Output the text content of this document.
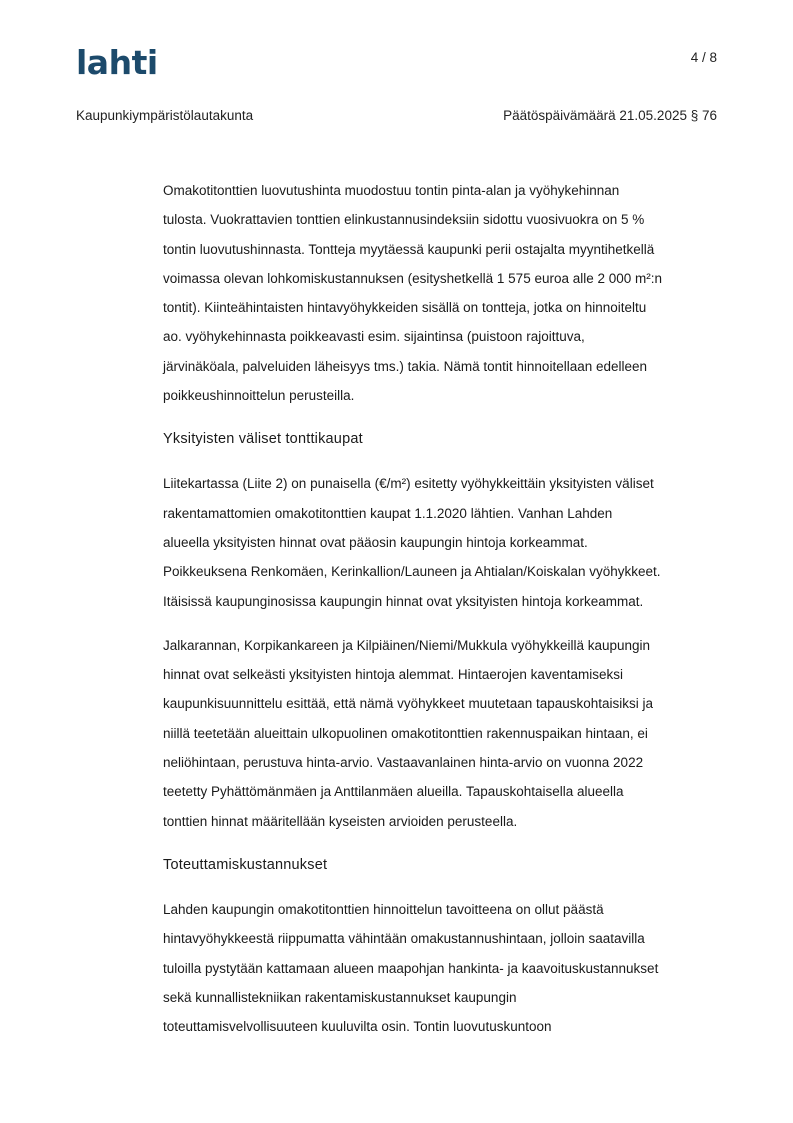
lahti	4 / 8
Kaupunkiympäristölautakunta	Päätöspäivämäärä 21.05.2025 § 76
Omakotitonttien luovutushinta muodostuu tontin pinta-alan ja vyöhykehinnan
tulosta. Vuokrattavien tonttien elinkustannusindeksiin sidottu vuosivuokra on 5 %
tontin luovutushinnasta. Tontteja myytäessä kaupunki perii ostajalta myyntihetkellä
voimassa olevan lohkomiskustannuksen (esityshetkellä 1 575 euroa alle 2 000 m²:n
tontit). Kiinteähintaisten hintavyöhykkeiden sisällä on tontteja, jotka on hinnoiteltu
ao. vyöhykehinnasta poikkeavasti esim. sijaintinsa (puistoon rajoittuva,
järvinäköala, palveluiden läheisyys tms.) takia. Nämä tontit hinnoitellaan edelleen
poikkeushinnoittelun perusteilla.
Yksityisten väliset tonttikaupat
Liitekartassa (Liite 2) on punaisella (€/m²) esitetty vyöhykkeittäin yksityisten väliset
rakentamattomien omakotitonttien kaupat 1.1.2020 lähtien. Vanhan Lahden
alueella yksityisten hinnat ovat pääosin kaupungin hintoja korkeammat.
Poikkeuksena Renkomäen, Kerinkallion/Launeen ja Ahtialan/Koiskalan vyöhykkeet.
Itäisissä kaupunginosissa kaupungin hinnat ovat yksityisten hintoja korkeammat.
Jalkarannan, Korpikankareen ja Kilpiäinen/Niemi/Mukkula vyöhykkeillä kaupungin
hinnat ovat selkeästi yksityisten hintoja alemmat. Hintaerojen kaventamiseksi
kaupunkisuunnittelu esittää, että nämä vyöhykkeet muutetaan tapauskohtaisiksi ja
niillä teetetään alueittain ulkopuolinen omakotitonttien rakennuspaikan hintaan, ei
neliöhintaan, perustuva hinta-arvio. Vastaavanlainen hinta-arvio on vuonna 2022
teetetty Pyhättömänmäen ja Anttilanmäen alueilla. Tapauskohtaisella alueella
tonttien hinnat määritellään kyseisten arvioiden perusteella.
Toteuttamiskustannukset
Lahden kaupungin omakotitonttien hinnoittelun tavoitteena on ollut päästä
hintavyöhykkeestä riippumatta vähintään omakustannushintaan, jolloin saatavilla
tuloilla pystytään kattamaan alueen maapohjan hankinta- ja kaavoituskustannukset
sekä kunnallistekniikan rakentamiskustannukset kaupungin
toteuttamisvelvollisuuteen kuuluvilta osin. Tontin luovutuskuntoon
